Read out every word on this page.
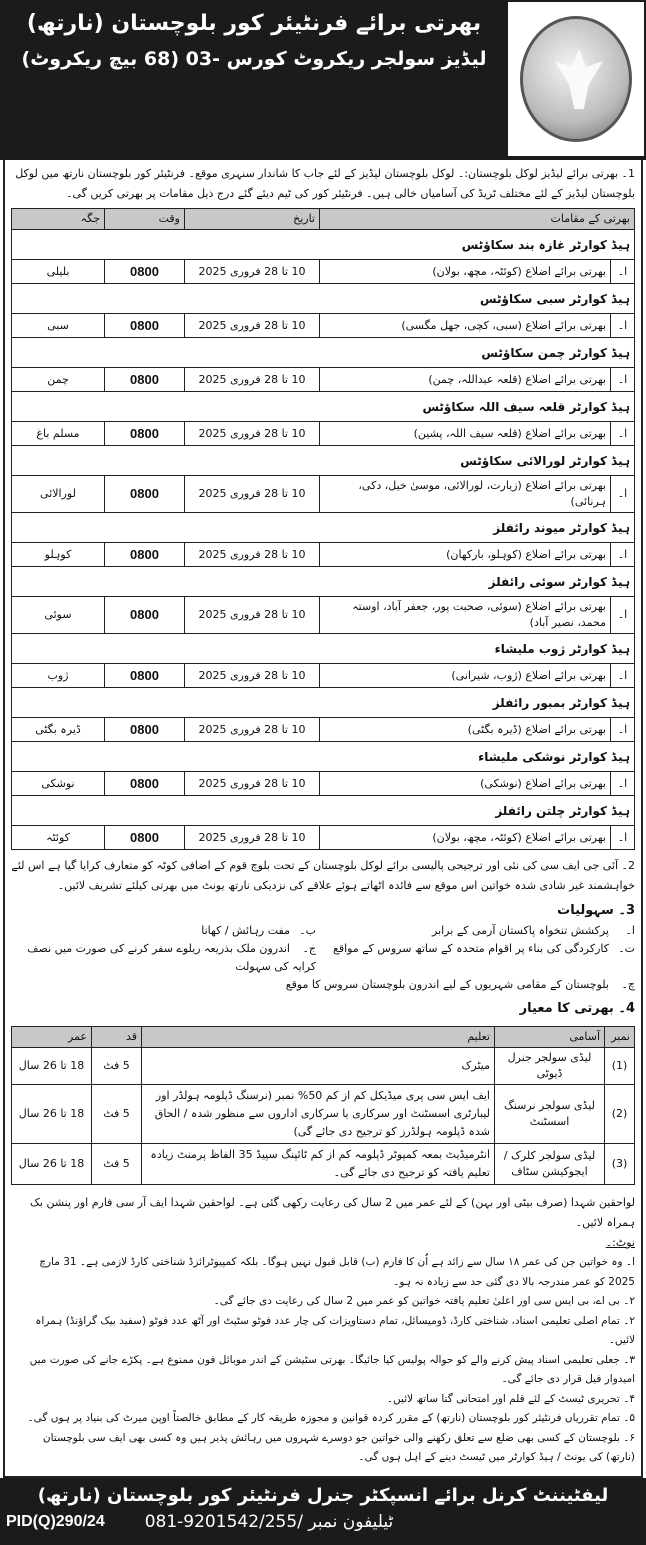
بھرتی برائے فرنٹیئر کور بلوچستان (نارتھ)
لیڈیز سولجر ریکروٹ کورس -03 (68 بیچ ریکروٹ)
1۔ بھرتی برائے لیڈیز لوکل بلوچستان:۔ لوکل بلوچستان لیڈیز کے لئے جاب کا شاندار سنہری موقع۔ فرنٹیئر کور بلوچستان نارتھ میں لوکل بلوچستان لیڈیز کے لئے مختلف ٹریڈ کی آسامیاں خالی ہیں۔ فرنٹیئر کور کی ٹیم دیئے گئے درج ذیل مقامات پر بھرتی کریں گی۔
بھرتی کے مقامات		تاریخ	وقت	جگہ
ہیڈ کوارٹر غازہ بند سکاؤٹس				
ا۔	بھرتی برائے اضلاع (کوئٹہ، مچھ، بولان)	10 تا 28 فروری 2025	0800	بلیلی
ہیڈ کوارٹر سبی سکاؤٹس				
ا۔	بھرتی برائے اضلاع (سبی، کچی، جھل مگسی)	10 تا 28 فروری 2025	0800	سبی
ہیڈ کوارٹر چمن سکاؤٹس				
ا۔	بھرتی برائے اضلاع (قلعہ عبداللہ، چمن)	10 تا 28 فروری 2025	0800	چمن
ہیڈ کوارٹر قلعہ سیف اللہ سکاؤٹس				
ا۔	بھرتی برائے اضلاع (قلعہ سیف اللہ، پشین)	10 تا 28 فروری 2025	0800	مسلم باغ
ہیڈ کوارٹر لورالائی سکاؤٹس				
ا۔	بھرتی برائے اضلاع (زیارت، لورالائی، موسیٰ خیل، دکی، ہرنائی)	10 تا 28 فروری 2025	0800	لورالائی
ہیڈ کوارٹر میوند رائفلز				
ا۔	بھرتی برائے اضلاع (کوہلو، بارکھان)	10 تا 28 فروری 2025	0800	کوہلو
ہیڈ کوارٹر سوئی رائفلز				
ا۔	بھرتی برائے اضلاع (سوئی، صحبت پور، جعفر آباد، اوستہ محمد، نصیر آباد)	10 تا 28 فروری 2025	0800	سوئی
ہیڈ کوارٹر ژوب ملیشاء				
ا۔	بھرتی برائے اضلاع (ژوب، شیرانی)	10 تا 28 فروری 2025	0800	ژوب
ہیڈ کوارٹر بمبور رائفلز				
ا۔	بھرتی برائے اضلاع (ڈیرہ بگٹی)	10 تا 28 فروری 2025	0800	ڈیرہ بگٹی
ہیڈ کوارٹر نوشکی ملیشاء				
ا۔	بھرتی برائے اضلاع (نوشکی)	10 تا 28 فروری 2025	0800	نوشکی
ہیڈ کوارٹر چلتن رائفلز				
ا۔	بھرتی برائے اضلاع (کوئٹہ، مچھ، بولان)	10 تا 28 فروری 2025	0800	کوئٹہ
2۔ آئی جی ایف سی کی نئی اور ترجیحی پالیسی برائے لوکل بلوچستان کے تحت بلوچ قوم کے اضافی کوٹہ کو متعارف کرایا گیا ہے اس لئے خواہشمند غیر شادی شدہ خواتین اس موقع سے فائدہ اٹھاتے ہوئے علاقے کی نزدیکی نارتھ یونٹ میں بھرتی کیلئے تشریف لائیں۔
3۔ سہولیات
ا۔پرکشش تنخواہ پاکستان آرمی کے برابر
ب۔مفت رہائش / کھانا
ت۔کارکردگی کی بناء پر اقوام متحدہ کے ساتھ سروس کے مواقع
ج۔اندرون ملک بذریعہ ریلوے سفر کرنے کی صورت میں نصف کرایہ کی سہولت
چ۔بلوچستان کے مقامی شہریوں کے لیے اندرون بلوچستان سروس کا موقع
4۔ بھرتی کا معیار
نمبر	آسامی	تعلیم	قد	عمر
(1)	لیڈی سولجر جنرل ڈیوٹی	میٹرک	5 فٹ	18 تا 26 سال
(2)	لیڈی سولجر نرسنگ اسسٹنٹ	ایف ایس سی پری میڈیکل کم از کم 50% نمبر (نرسنگ ڈپلومہ ہولڈر اور لیبارٹری اسسٹنٹ اور سرکاری یا سرکاری اداروں سے منظور شدہ / الحاق شدہ ڈپلومہ ہولڈرز کو ترجیح دی جائے گی)	5 فٹ	18 تا 26 سال
(3)	لیڈی سولجر کلرک / ایجوکیشن سٹاف	انٹرمیڈیٹ بمعہ کمپوٹر ڈپلومہ کم از کم ٹائپنگ سپیڈ 35 الفاظ پرمنٹ زیادہ تعلیم یافتہ کو ترجیح دی جائے گی۔	5 فٹ	18 تا 26 سال
لواحقین شہدا (صرف بیٹی اور بہن) کے لئے عمر میں 2 سال کی رعایت رکھی گئی ہے۔ لواحقین شہدا ایف آر سی فارم اور پنشن بک ہمراہ لائیں۔
نوٹ:۔
ا۔ وہ خواتین جن کی عمر ۱۸ سال سے زائد ہے اُن کا فارم (ب) قابل قبول نہیں ہوگا۔ بلکہ کمپیوٹرائزڈ شناختی کارڈ لازمی ہے۔ 31 مارچ 2025 کو عمر مندرجہ بالا دی گئی حد سے زیادہ نہ ہو۔
۲۔ بی اے، بی ایس سی اور اعلیٰ تعلیم یافتہ خواتین کو عمر میں 2 سال کی رعایت دی جائے گی۔
۲۔ تمام اصلی تعلیمی اسناد، شناختی کارڈ، ڈومیسائل، تمام دستاویزات کی چار عدد فوٹو سٹیٹ اور آٹھ عدد فوٹو (سفید بیک گراؤنڈ) ہمراہ لائیں۔
۳۔ جعلی تعلیمی اسناد پیش کرنے والے کو حوالہ پولیس کیا جائیگا۔ بھرتی سٹیشن کے اندر موبائل فون ممنوع ہے۔ پکڑے جانے کی صورت میں امیدوار فیل قرار دی جائے گی۔
۴۔ تحریری ٹیسٹ کے لئے قلم اور امتحانی گتا ساتھ لائیں۔
۵۔ تمام تقرریاں فرنٹیئر کور بلوچستان (نارتھ) کے مقرر کردہ قوانین و مجوزہ طریقہ کار کے مطابق خالصتاً اوپن میرٹ کی بنیاد پر ہوں گی۔
۶۔ بلوچستان کے کسی بھی ضلع سے تعلق رکھنے والی خواتین جو دوسرے شہروں میں رہائش پذیر ہیں وہ کسی بھی ایف سی بلوچستان (نارتھ) کی یونٹ / ہیڈ کوارٹر میں ٹیسٹ دینے کے اہل ہوں گی۔
لیفٹیننٹ کرنل برائے انسپکٹر جنرل فرنٹیئر کور بلوچستان (نارتھ)
PID(Q)290/24	ٹیلیفون نمبر 081-9201542/255/
